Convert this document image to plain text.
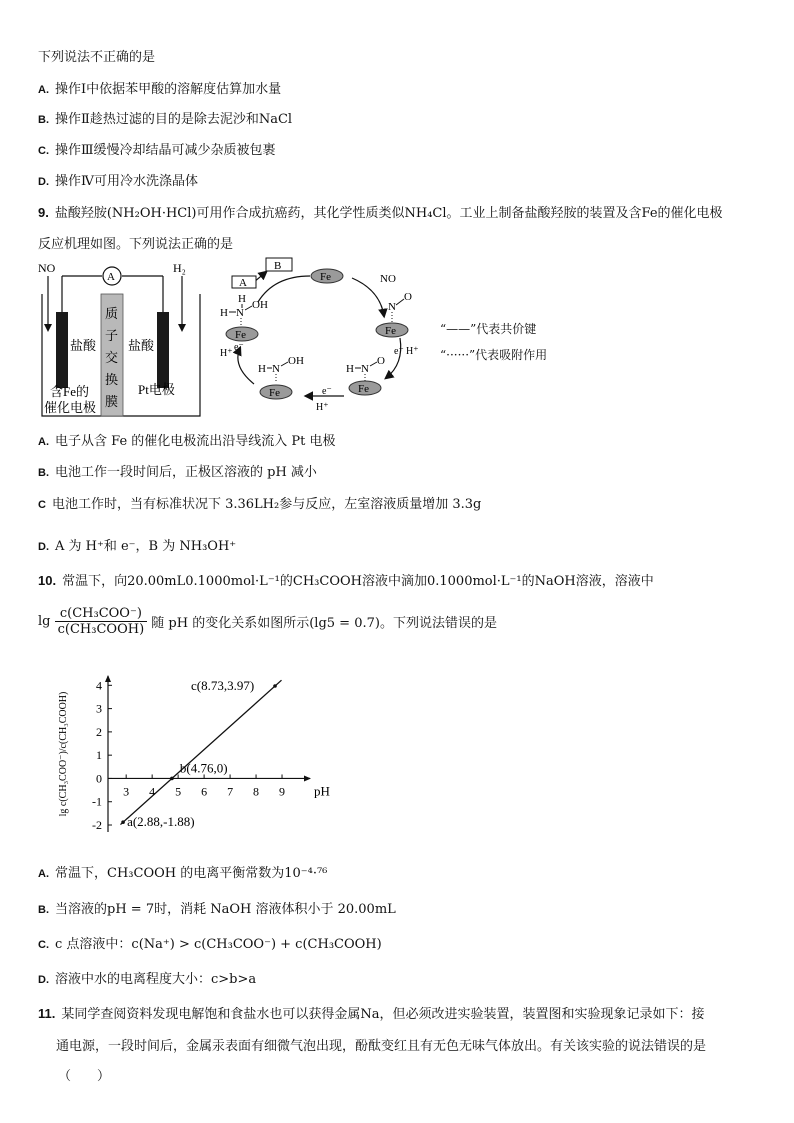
下列说法不正确的是
A. 操作Ⅰ中依据苯甲酸的溶解度估算加水量
B. 操作Ⅱ趁热过滤的目的是除去泥沙和NaCl
C. 操作Ⅲ缓慢冷却结晶可减少杂质被包裹
D. 操作Ⅳ可用冷水洗涤晶体
9. 盐酸羟胺(NH₂OH·HCl)可用作合成抗癌药，其化学性质类似NH₄Cl。工业上制备盐酸羟胺的装置及含Fe的催化电极
反应机理如图。下列说法正确的是
NO	H₂
A
盐酸 盐酸
含Fe的
催化电极
Pt电极
质子交换膜
A
B
Fe	NO
N
O
Fe
e⁻ H⁺
H N
O
Fe
e⁻
H⁺
H N
OH
Fe
H⁺
e⁻
H
H N
OH
Fe	“——”代表共价键
“······”代表吸附作用
A. 电子从含 Fe 的催化电极流出沿导线流入 Pt 电极
B. 电池工作一段时间后，正极区溶液的 pH 减小
C 电池工作时，当有标准状况下 3.36LH₂参与反应，左室溶液质量增加 3.3g
D. A 为 H⁺和 e⁻，B 为 NH₃OH⁺
10. 常温下，向20.00mL0.1000mol·L⁻¹的CH₃COOH溶液中滴加0.1000mol·L⁻¹的NaOH溶液，溶液中
$\lg \frac{\text{c(CH₃COO⁻)}}{\text{c(CH₃COOH)}}$ 随 pH 的变化关系如图所示(lg5 = 0.7)。下列说法错误的是
-2
-1
0
1
2
3
4
3 4 5 6 7 8 9 pH
lg c(CH₃COO⁻)/c(CH₃COOH)
a(2.88,-1.88)
b(4.76,0)
c(8.73,3.97)
A. 常温下，CH₃COOH 的电离平衡常数为10⁻⁴·⁷⁶
B. 当溶液的pH = 7时，消耗 NaOH 溶液体积小于 20.00mL
C. c 点溶液中：c(Na⁺) > c(CH₃COO⁻) + c(CH₃COOH)
D. 溶液中水的电离程度大小：c>b>a
11. 某同学查阅资料发现电解饱和食盐水也可以获得金属Na，但必须改进实验装置，装置图和实验现象记录如下：接
通电源，一段时间后，金属汞表面有细微气泡出现，酚酞变红且有无色无味气体放出。有关该实验的说法错误的是
（　　）
